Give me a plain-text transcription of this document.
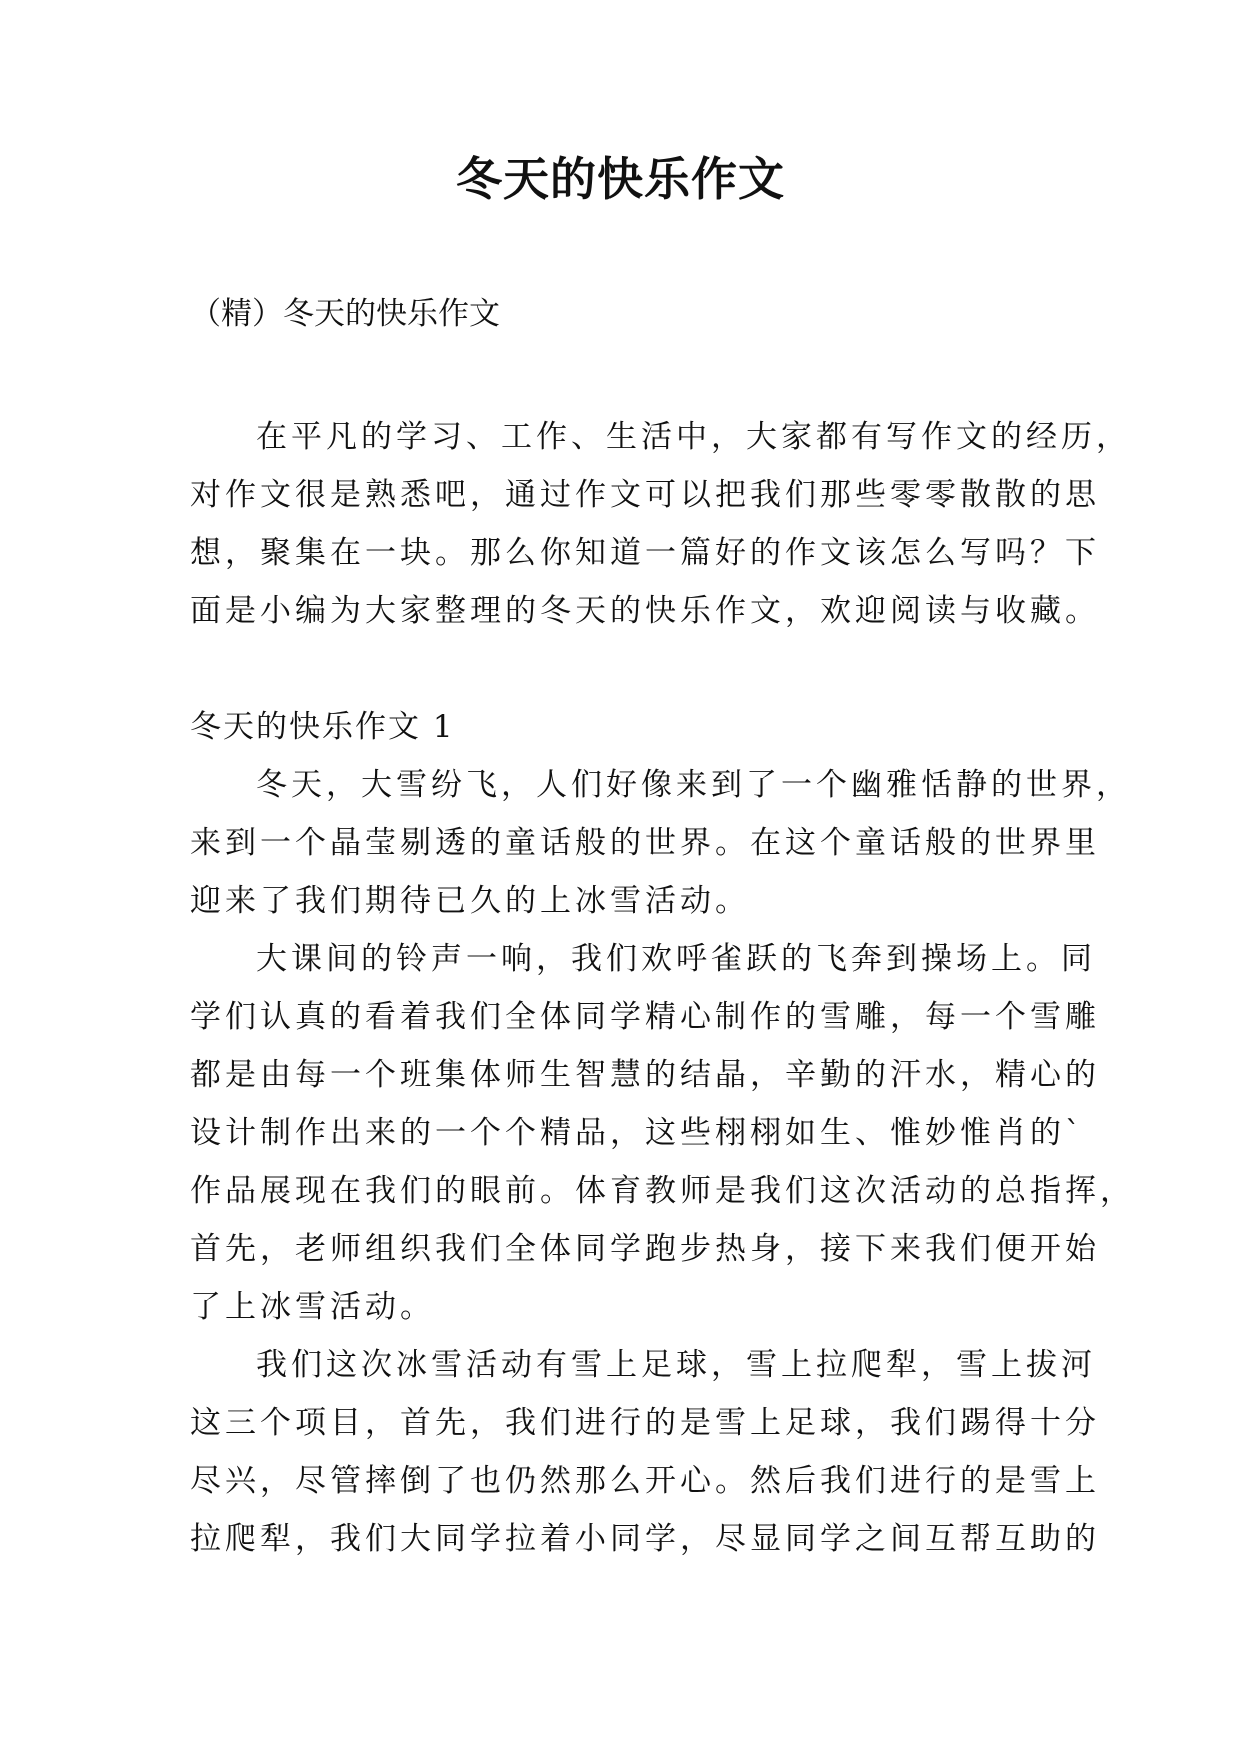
冬天的快乐作文

（精）冬天的快乐作文

在平凡的学习、工作、生活中，大家都有写作文的经历，

对作文很是熟悉吧，通过作文可以把我们那些零零散散的思

想，聚集在一块。那么你知道一篇好的作文该怎么写吗？下

面是小编为大家整理的冬天的快乐作文，欢迎阅读与收藏。

冬天的快乐作文 1

冬天，大雪纷飞，人们好像来到了一个幽雅恬静的世界，

来到一个晶莹剔透的童话般的世界。在这个童话般的世界里

迎来了我们期待已久的上冰雪活动。

大课间的铃声一响，我们欢呼雀跃的飞奔到操场上。同

学们认真的看着我们全体同学精心制作的雪雕，每一个雪雕

都是由每一个班集体师生智慧的结晶，辛勤的汗水，精心的

设计制作出来的一个个精品，这些栩栩如生、惟妙惟肖的`

作品展现在我们的眼前。体育教师是我们这次活动的总指挥，

首先，老师组织我们全体同学跑步热身，接下来我们便开始

了上冰雪活动。

我们这次冰雪活动有雪上足球，雪上拉爬犁，雪上拔河

这三个项目，首先，我们进行的是雪上足球，我们踢得十分

尽兴，尽管摔倒了也仍然那么开心。然后我们进行的是雪上

拉爬犁，我们大同学拉着小同学，尽显同学之间互帮互助的
